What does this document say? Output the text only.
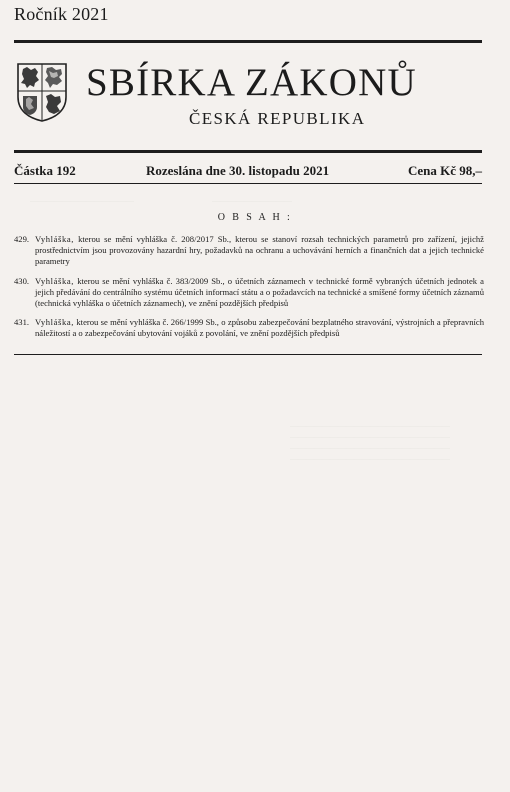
Ročník 2021
SBÍRKA ZÁKONŮ
ČESKÁ REPUBLIKA
Částka 192	Rozeslána dne 30. listopadu 2021	Cena Kč 98,–
—————————————                                       ——————————
————————————————————
————————————————————
————————————————————
————————————————————
O B S A H :
429. Vyhláška, kterou se mění vyhláška č. 208/2017 Sb., kterou se stanoví rozsah technických parametrů pro zařízení, jejichž prostřednictvím jsou provozovány hazardní hry, požadavků na ochranu a uchovávání herních a finančních dat a jejich technické parametry
430. Vyhláška, kterou se mění vyhláška č. 383/2009 Sb., o účetních záznamech v technické formě vybraných účetních jednotek a jejich předávání do centrálního systému účetních informací státu a o požadavcích na technické a smíšené formy účetních záznamů (technická vyhláška o účetních záznamech), ve znění pozdějších předpisů
431. Vyhláška, kterou se mění vyhláška č. 266/1999 Sb., o způsobu zabezpečování bezplatného stravování, výstrojních a přepravních náležitostí a o zabezpečování ubytování vojáků z povolání, ve znění pozdějších předpisů
